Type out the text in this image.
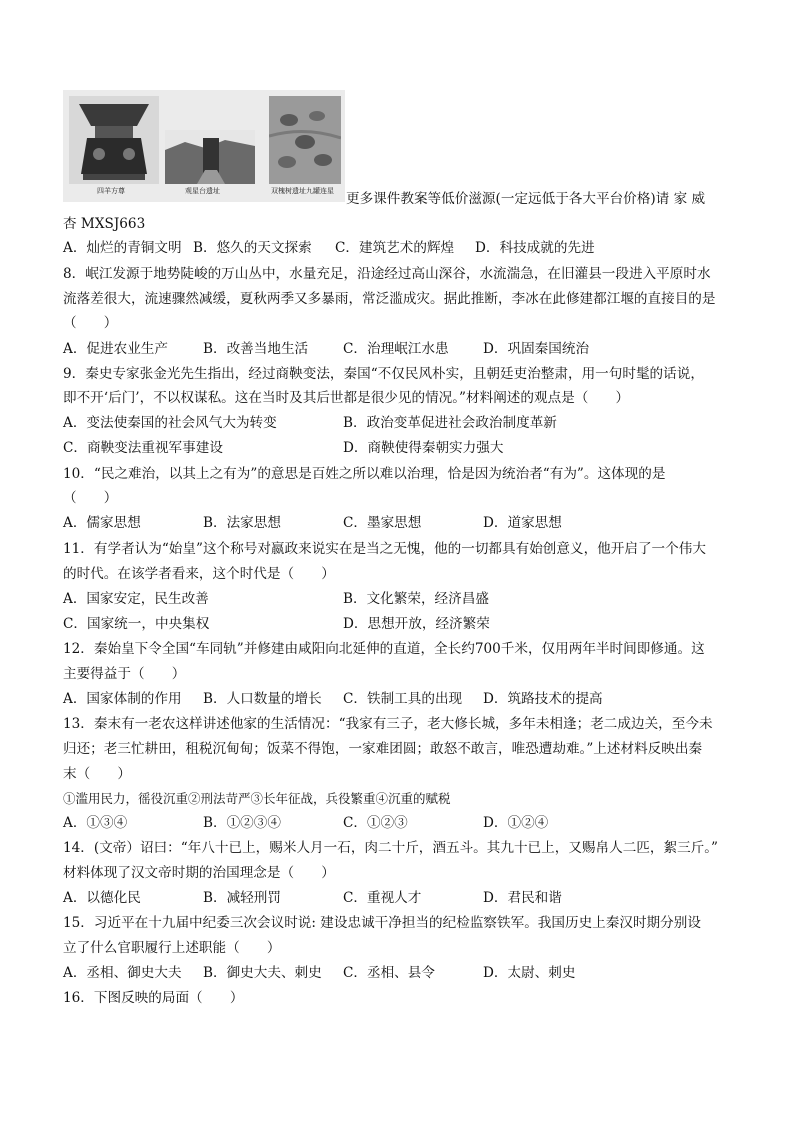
四羊方尊	观星台遗址	双槐树遗址九罐连星 更多课件教案等低价滋源(一定远低于各大平台价格)请 家 威
杏 MXSJ663
A．灿烂的青铜文明 B．悠久的天文探索 C．建筑艺术的辉煌 D．科技成就的先进
8．岷江发源于地势陡峻的万山丛中，水量充足，沿途经过高山深谷，水流湍急，在旧灌县一段进入平原时水
流落差很大，流速骤然减缓，夏秋两季又多暴雨，常泛滥成灾。据此推断，李冰在此修建都江堰的直接目的是
（　　）
A．促进农业生产	B．改善当地生活	C．治理岷江水患	D．巩固秦国统治
9．秦史专家张金光先生指出，经过商鞅变法，秦国“不仅民风朴实，且朝廷吏治整肃，用一句时髦的话说，
即不开‘后门’，不以权谋私。这在当时及其后世都是很少见的情况。”材料阐述的观点是（　　）
A．变法使秦国的社会风气大为转变	B．政治变革促进社会政治制度革新
C．商鞅变法重视军事建设	D．商鞅使得秦朝实力强大
10．“民之难治，以其上之有为”的意思是百姓之所以难以治理，恰是因为统治者“有为”。这体现的是
（　　）
A．儒家思想	B．法家思想	C．墨家思想	D．道家思想
11．有学者认为“始皇”这个称号对嬴政来说实在是当之无愧，他的一切都具有始创意义，他开启了一个伟大
的时代。在该学者看来，这个时代是（　　）
A．国家安定，民生改善	B．文化繁荣，经济昌盛
C．国家统一，中央集权	D．思想开放，经济繁荣
12．秦始皇下令全国“车同轨”并修建由咸阳向北延伸的直道，全长约700千米，仅用两年半时间即修通。这
主要得益于（　　）
A．国家体制的作用 B．人口数量的增长 C．铁制工具的出现 D．筑路技术的提高
13．秦末有一老农这样讲述他家的生活情况：“我家有三子，老大修长城，多年未相逢；老二成边关，至今未
归还；老三忙耕田，租税沉甸甸；饭菜不得饱，一家难团圆；敢怒不敢言，唯恐遭劫难。”上述材料反映出秦
末（　　）
①滥用民力，徭役沉重②刑法苛严③长年征战，兵役繁重④沉重的赋税
A．①③④	B．①②③④	C．①②③	D．①②④
14．(文帝）诏曰：“年八十已上，赐米人月一石，肉二十斤，酒五斗。其九十已上，又赐帛人二匹，絮三斤。”
材料体现了汉文帝时期的治国理念是（　　）
A．以德化民	B．减轻刑罚	C．重视人才	D．君民和谐
15．习近平在十九届中纪委三次会议时说: 建设忠诚干净担当的纪检监察铁军。我国历史上秦汉时期分别设
立了什么官职履行上述职能（　　）
A．丞相、御史大夫 B．御史大夫、刺史 C．丞相、县令	D．太尉、刺史
16．下图反映的局面（　　）
